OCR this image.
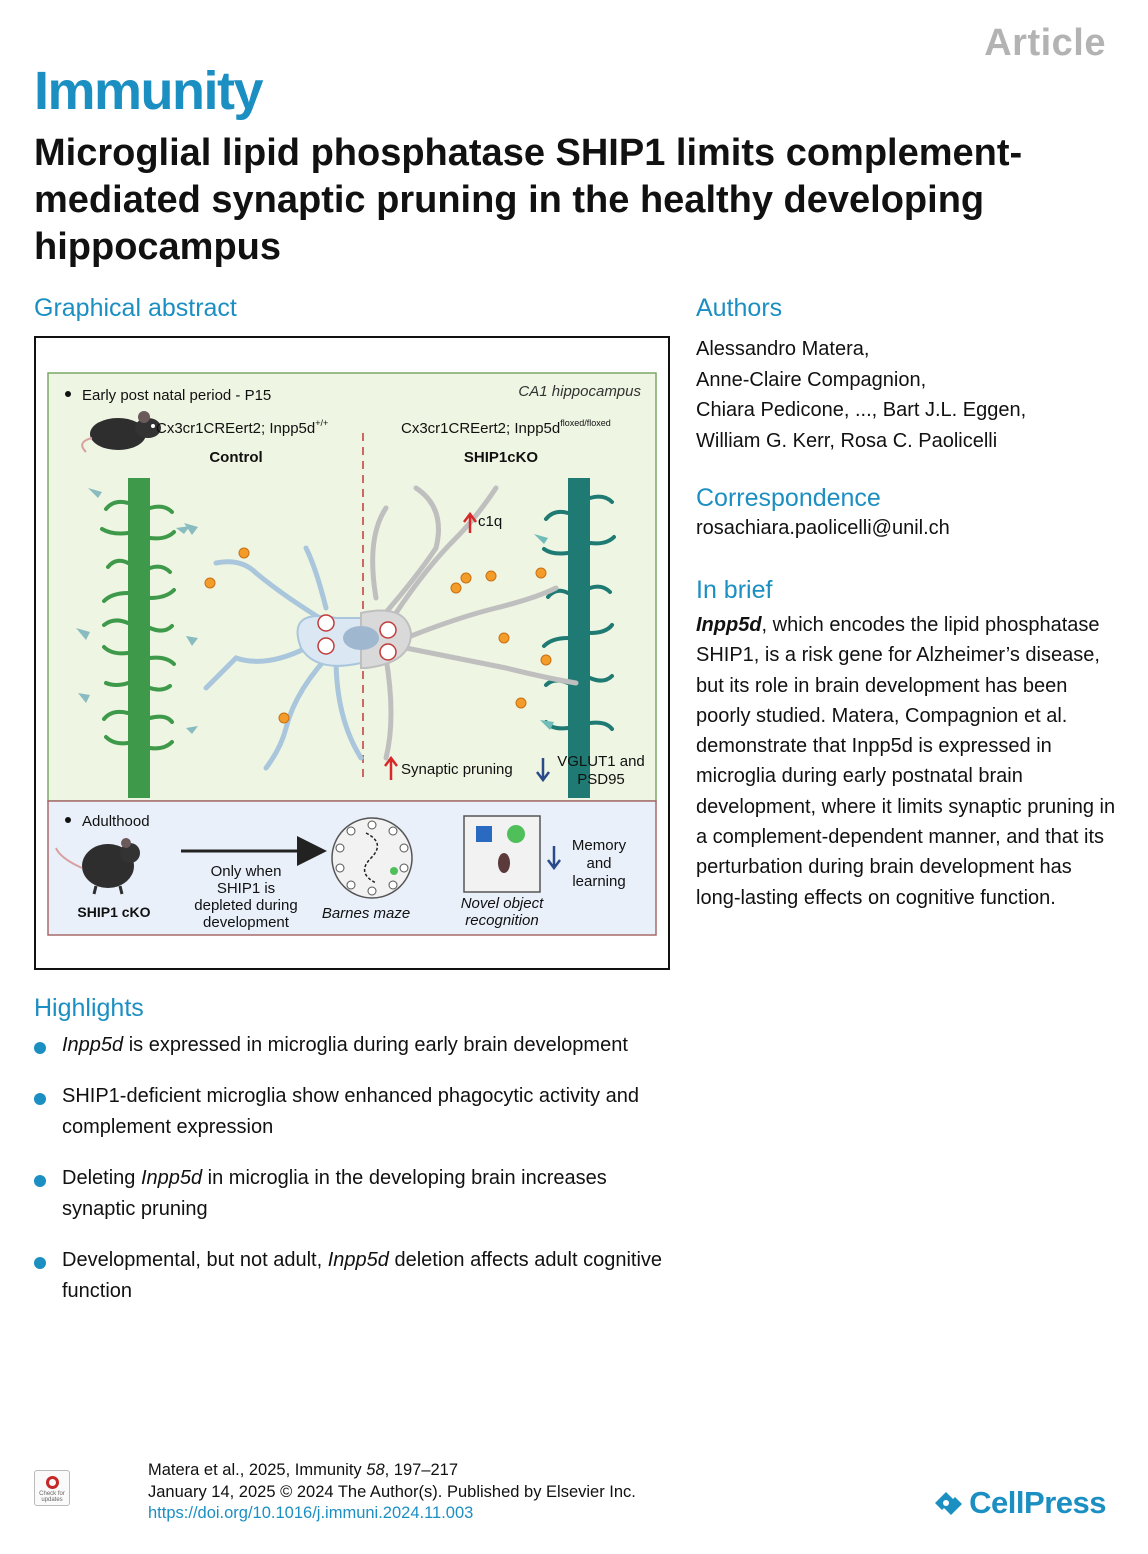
Article
Immunity
Microglial lipid phosphatase SHIP1 limits complement-mediated synaptic pruning in the healthy developing hippocampus
Graphical abstract	Authors
Alessandro Matera,
Anne-Claire Compagnion,
Chiara Pedicone, ..., Bart J.L. Eggen,
William G. Kerr, Rosa C. Paolicelli
Correspondence
rosachiara.paolicelli@unil.ch
In brief

Inpp5d, which encodes the lipid phosphatase SHIP1, is a risk gene for Alzheimer’s disease, but its role in brain development has been poorly studied. Matera, Compagnion et al. demonstrate that Inpp5d is expressed in microglia during early postnatal brain development, where it limits synaptic pruning in a complement-dependent manner, and that its perturbation during brain development has long-lasting effects on cognitive function.

Early post natal period - P15	CA1 hippocampus
Cx3cr1CREert2; Inpp5d+/+
Control
Cx3cr1CREert2; $Inpp5d^{floxed/floxed}$
SHIP1cKO
c1q
Synaptic pruning	VGLUT1 and
PSD95
Adulthood
SHIP1 cKO
Only when
SHIP1 is
depleted during
development
Barnes maze
Novel object
recognition
Memory
and
learning
Highlights
Inpp5d is expressed in microglia during early brain development
SHIP1-deficient microglia show enhanced phagocytic activity and complement expression
Deleting Inpp5d in microglia in the developing brain increases synaptic pruning
Developmental, but not adult, Inpp5d deletion affects adult cognitive function
Check for updates
Matera et al., 2025, Immunity 58, 197–217
January 14, 2025 © 2024 The Author(s). Published by Elsevier Inc.
https://doi.org/10.1016/j.immuni.2024.11.003	CellPress
